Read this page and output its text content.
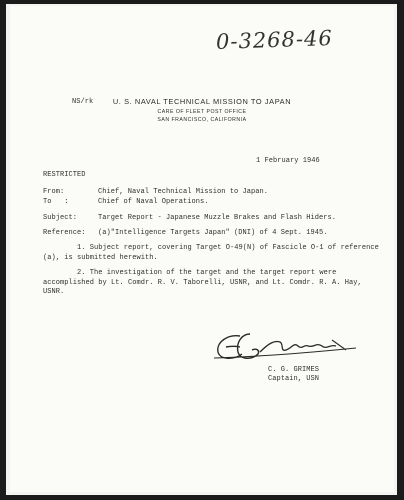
0-3268-46
NS/rk	U. S. NAVAL TECHNICAL MISSION TO JAPAN
CARE OF FLEET POST OFFICE
SAN FRANCISCO, CALIFORNIA
1 February 1946
RESTRICTED
From:	Chief, Naval Technical Mission to Japan.
To   :	Chief of Naval Operations.
Subject:	Target Report - Japanese Muzzle Brakes and Flash Hiders.
Reference: (a)"Intelligence Targets Japan" (DNI) of 4 Sept. 1945.
1. Subject report, covering Target O-49(N) of Fascicle O-1 of reference (a), is submitted herewith.
2. The investigation of the target and the target report were accomplished by Lt. Comdr. R. V. Taborelli, USNR, and Lt. Comdr. R. A. Hay, USNR.
C. G. GRIMES
Captain, USN
